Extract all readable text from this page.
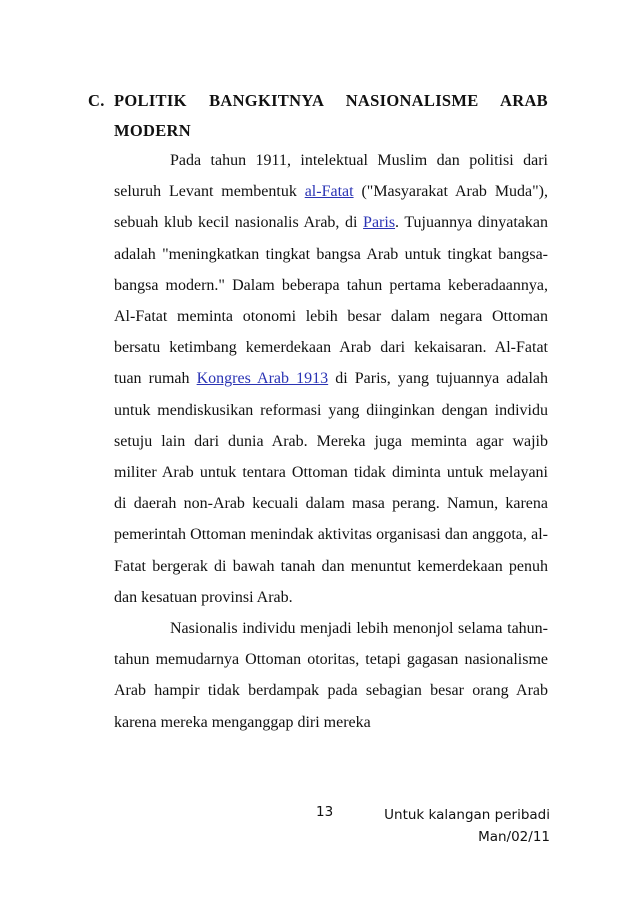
C. POLITIK BANGKITNYA NASIONALISME ARAB
MODERN

Pada tahun 1911, intelektual Muslim dan politisi dari seluruh Levant membentuk al-Fatat ("Masyarakat Arab Muda"), sebuah klub kecil nasionalis Arab, di Paris. Tujuannya dinyatakan adalah "meningkatkan tingkat bangsa Arab untuk tingkat bangsa-bangsa modern." Dalam beberapa tahun pertama keberadaannya, Al-Fatat meminta otonomi lebih besar dalam negara Ottoman bersatu ketimbang kemerdekaan Arab dari kekaisaran. Al-Fatat tuan rumah Kongres Arab 1913 di Paris, yang tujuannya adalah untuk mendiskusikan reformasi yang diinginkan dengan individu setuju lain dari dunia Arab. Mereka juga meminta agar wajib militer Arab untuk tentara Ottoman tidak diminta untuk melayani di daerah non-Arab kecuali dalam masa perang. Namun, karena pemerintah Ottoman menindak aktivitas organisasi dan anggota, al-Fatat bergerak di bawah tanah dan menuntut kemerdekaan penuh dan kesatuan provinsi Arab.

Nasionalis individu menjadi lebih menonjol selama tahun-tahun memudarnya Ottoman otoritas, tetapi gagasan nasionalisme Arab hampir tidak berdampak pada sebagian besar orang Arab karena mereka menganggap diri mereka

13	Untuk kalangan peribadi
Man/02/11
